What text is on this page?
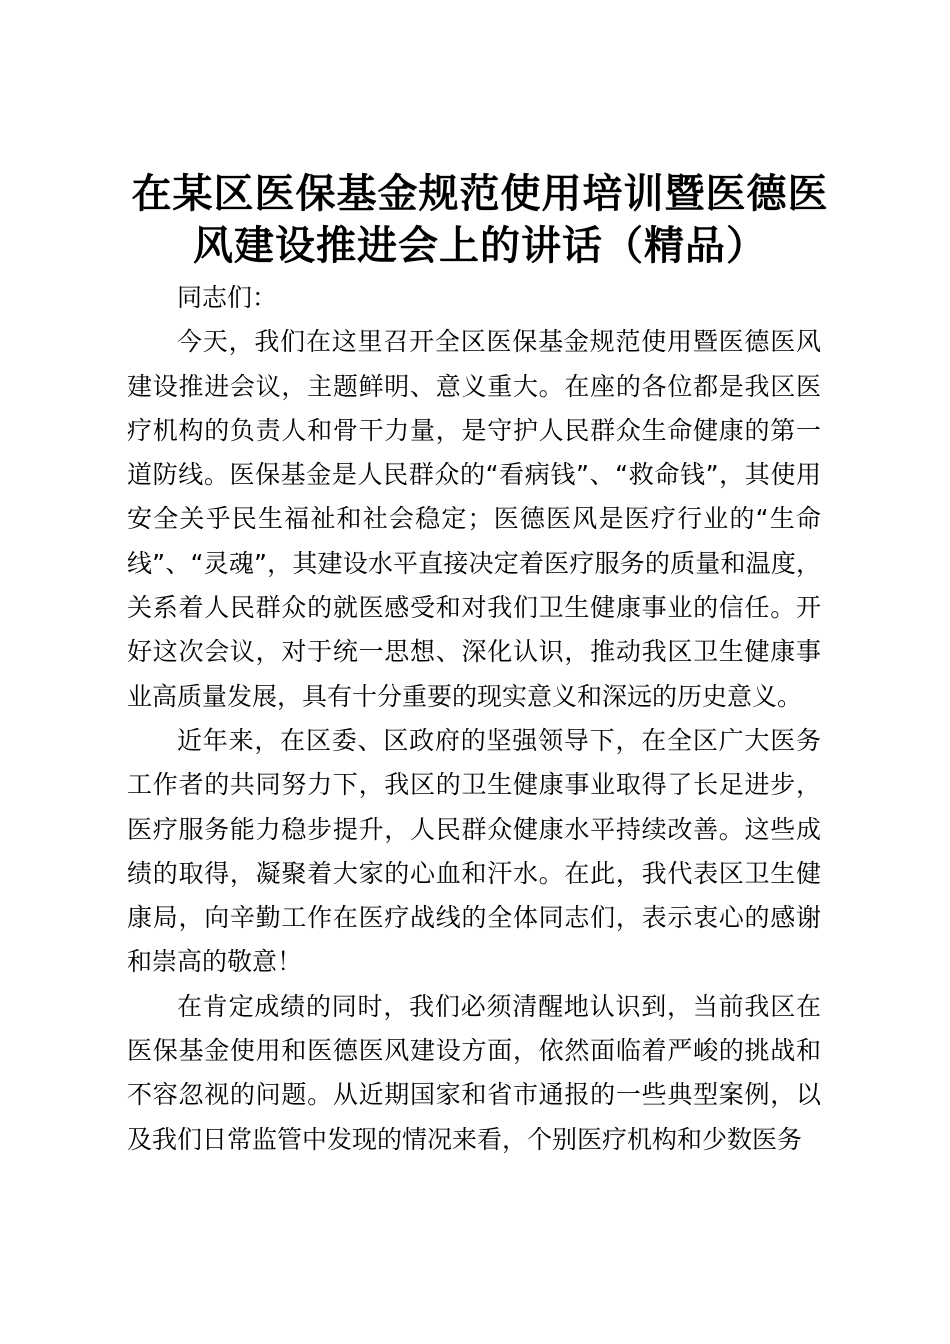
在某区医保基金规范使用培训暨医德医风建设推进会上的讲话（精品）

同志们：

今天，我们在这里召开全区医保基金规范使用暨医德医风建设推进会议，主题鲜明、意义重大。在座的各位都是我区医疗机构的负责人和骨干力量，是守护人民群众生命健康的第一道防线。医保基金是人民群众的“看病钱”、“救命钱”，其使用安全关乎民生福祉和社会稳定；医德医风是医疗行业的“生命线”、“灵魂”，其建设水平直接决定着医疗服务的质量和温度，关系着人民群众的就医感受和对我们卫生健康事业的信任。开好这次会议，对于统一思想、深化认识，推动我区卫生健康事业高质量发展，具有十分重要的现实意义和深远的历史意义。

近年来，在区委、区政府的坚强领导下，在全区广大医务工作者的共同努力下，我区的卫生健康事业取得了长足进步，医疗服务能力稳步提升，人民群众健康水平持续改善。这些成绩的取得，凝聚着大家的心血和汗水。在此，我代表区卫生健康局，向辛勤工作在医疗战线的全体同志们，表示衷心的感谢和崇高的敬意！

在肯定成绩的同时，我们必须清醒地认识到，当前我区在医保基金使用和医德医风建设方面，依然面临着严峻的挑战和不容忽视的问题。从近期国家和省市通报的一些典型案例，以及我们日常监管中发现的情况来看，个别医疗机构和少数医务
